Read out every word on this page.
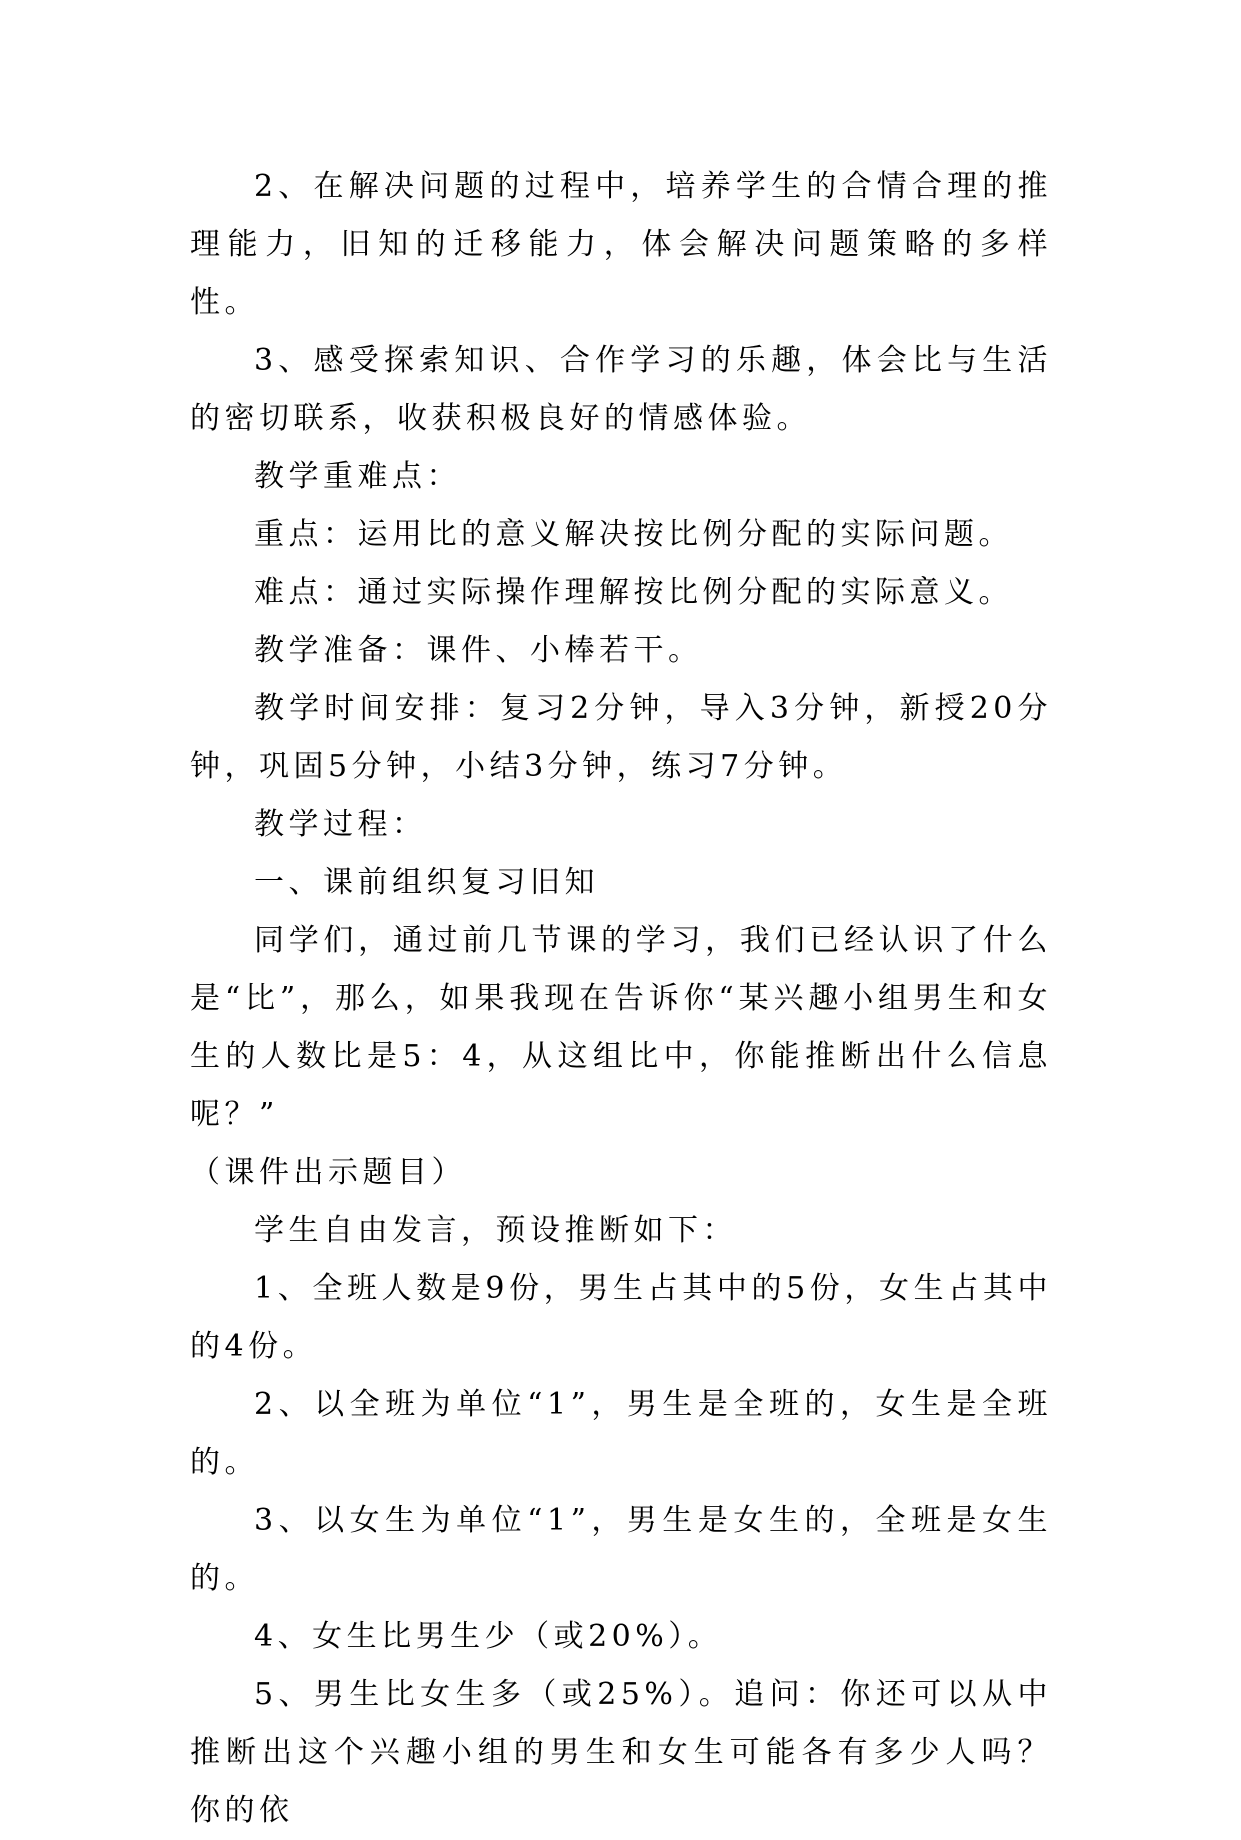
2、在解决问题的过程中，培养学生的合情合理的推理能力，旧知的迁移能力，体会解决问题策略的多样性。

3、感受探索知识、合作学习的乐趣，体会比与生活的密切联系，收获积极良好的情感体验。

教学重难点：

重点：运用比的意义解决按比例分配的实际问题。

难点：通过实际操作理解按比例分配的实际意义。

教学准备：课件、小棒若干。

教学时间安排：复习2分钟，导入3分钟，新授20分钟，巩固5分钟，小结3分钟，练习7分钟。

教学过程：

一、课前组织复习旧知

同学们，通过前几节课的学习，我们已经认识了什么是“比”，那么，如果我现在告诉你“某兴趣小组男生和女生的人数比是5：4，从这组比中，你能推断出什么信息呢？”

（课件出示题目）

学生自由发言，预设推断如下：

1、全班人数是9份，男生占其中的5份，女生占其中的4份。

2、以全班为单位“1”，男生是全班的，女生是全班的。

3、以女生为单位“1”，男生是女生的，全班是女生的。

4、女生比男生少（或20%）。

5、男生比女生多（或25%）。追问：你还可以从中推断出这个兴趣小组的男生和女生可能各有多少人吗？你的依
